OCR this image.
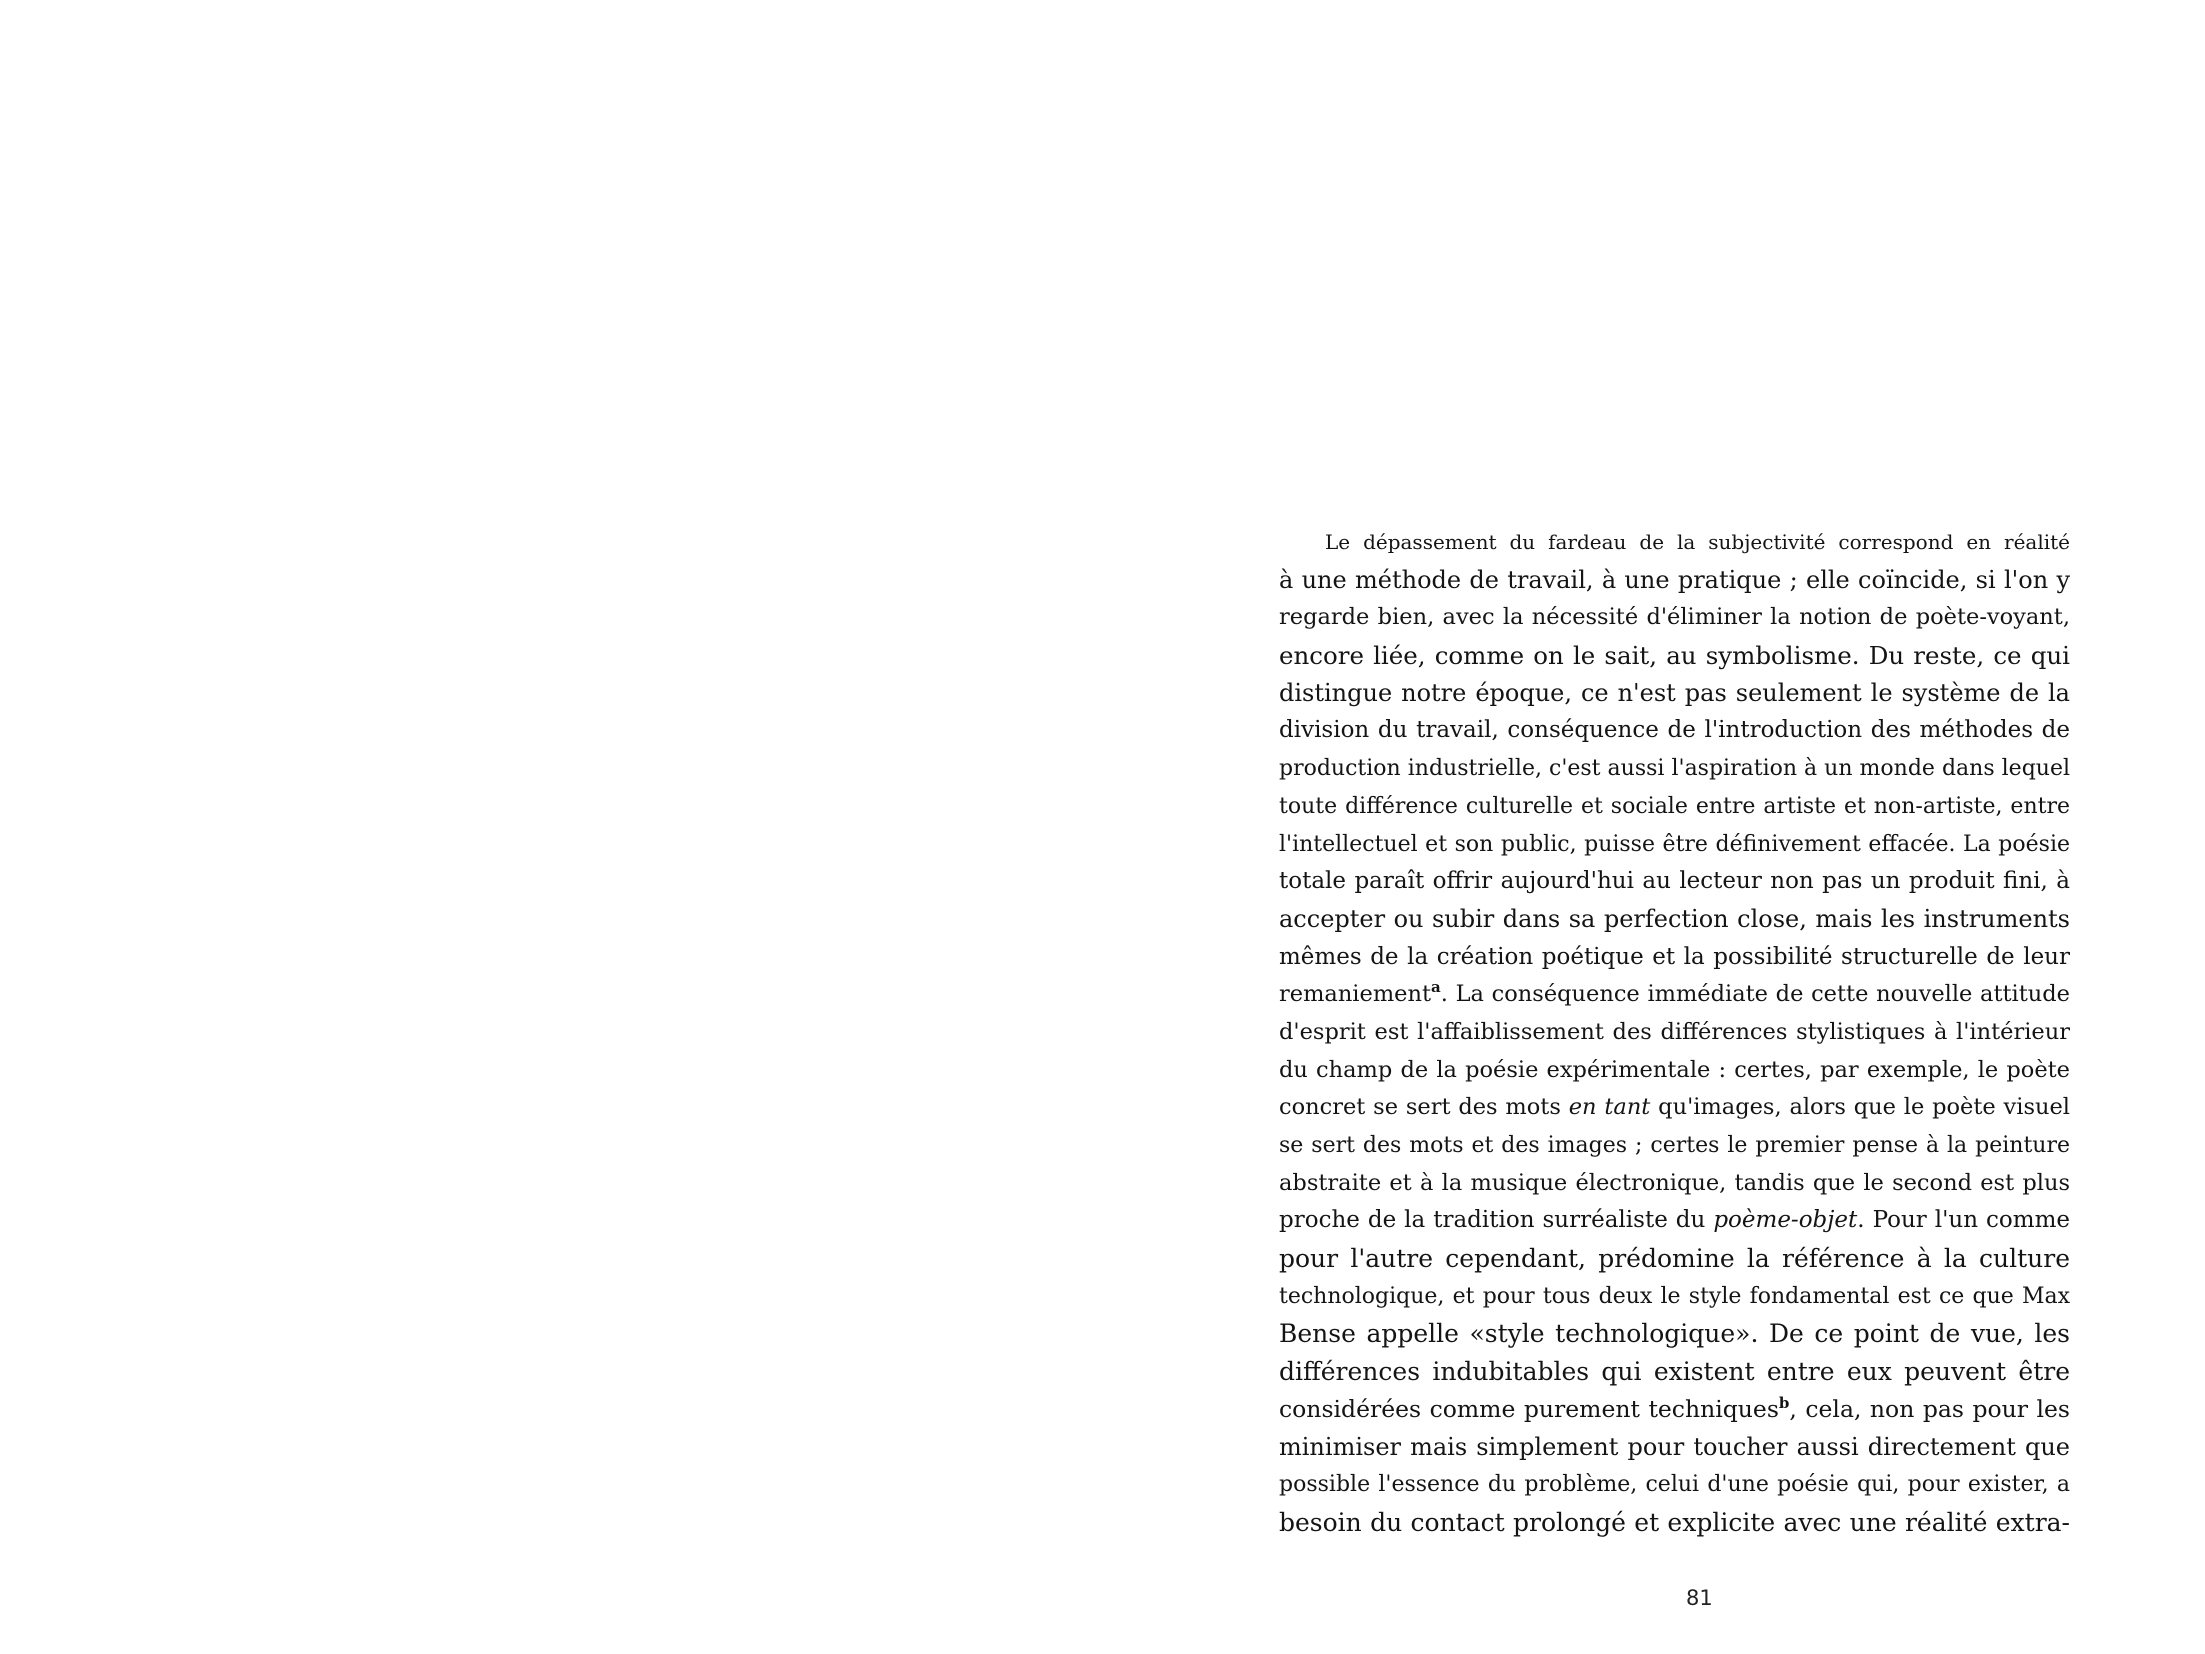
Le dépassement du fardeau de la subjectivité correspond en réalité
à une méthode de travail, à une pratique ; elle coïncide, si l'on y
regarde bien, avec la nécessité d'éliminer la notion de poète-voyant,
encore liée, comme on le sait, au symbolisme. Du reste, ce qui
distingue notre époque, ce n'est pas seulement le système de la
division du travail, conséquence de l'introduction des méthodes de
production industrielle, c'est aussi l'aspiration à un monde dans lequel
toute différence culturelle et sociale entre artiste et non-artiste, entre
l'intellectuel et son public, puisse être définivement effacée. La poésie
totale paraît offrir aujourd'hui au lecteur non pas un produit fini, à
accepter ou subir dans sa perfection close, mais les instruments
mêmes de la création poétique et la possibilité structurelle de leur
remaniement$^a$. La conséquence immédiate de cette nouvelle attitude
d'esprit est l'affaiblissement des différences stylistiques à l'intérieur
du champ de la poésie expérimentale : certes, par exemple, le poète
concret se sert des mots en tant qu'images, alors que le poète visuel
se sert des mots et des images ; certes le premier pense à la peinture
abstraite et à la musique électronique, tandis que le second est plus
proche de la tradition surréaliste du poème-objet. Pour l'un comme
pour l'autre cependant, prédomine la référence à la culture
technologique, et pour tous deux le style fondamental est ce que Max
Bense appelle «style technologique». De ce point de vue, les
différences indubitables qui existent entre eux peuvent être
considérées comme purement techniques$^b$, cela, non pas pour les
minimiser mais simplement pour toucher aussi directement que
possible l'essence du problème, celui d'une poésie qui, pour exister, a
besoin du contact prolongé et explicite avec une réalité extra-
81
